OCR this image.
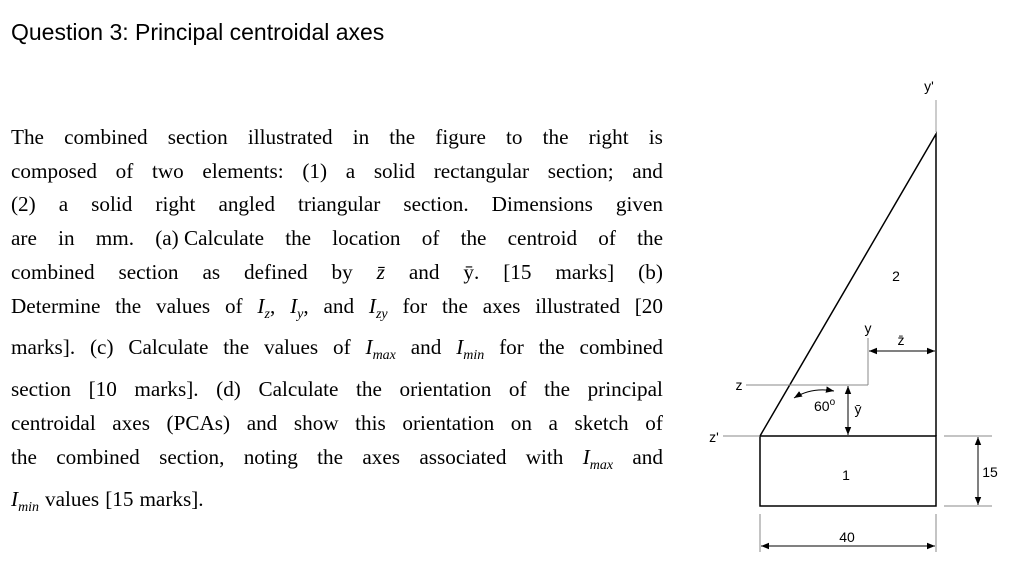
Question 3: Principal centroidal axes
The combined section illustrated in the figure to the right is
composed of two elements: (1) a solid rectangular section; and
(2) a solid right angled triangular section. Dimensions given
are in mm. (a) Calculate the location of the centroid of the
combined section as defined by z̄ and ȳ. [15 marks] (b)
Determine the values of $I_z$, $I_y$, and $I_{zy}$ for the axes illustrated [20
marks]. (c) Calculate the values of $I_{max}$ and $I_{min}$ for the combined
section [10 marks]. (d) Calculate the orientation of the principal
centroidal axes (PCAs) and show this orientation on a sketch of
the combined section, noting the axes associated with $I_{max}$ and
$I_{min}$ values [15 marks].
y'
2
1
z
z'
y
z̄
ȳ
60$^o$
40
15
